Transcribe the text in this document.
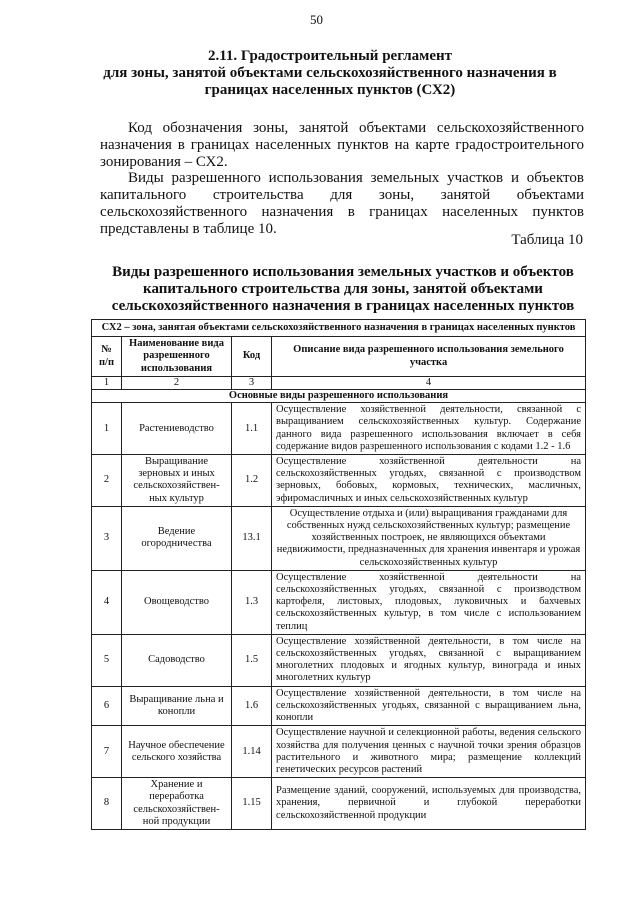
50
2.11. Градостроительный регламент
для зоны, занятой объектами сельскохозяйственного назначения в
границах населенных пунктов (СХ2)
Код обозначения зоны, занятой объектами сельскохозяйственного назначения в границах населенных пунктов на карте градостроительного зонирования – СХ2.
Виды разрешенного использования земельных участков и объектов капитального строительства для зоны, занятой объектами сельскохозяйственного назначения в границах населенных пунктов представлены в таблице 10.
Таблица 10
Виды разрешенного использования земельных участков и объектов
капитального строительства для зоны, занятой объектами
сельскохозяйственного назначения в границах населенных пунктов
СХ2 – зона, занятая объектами сельскохозяйственного назначения в границах населенных пунктов			
№ п/п	Наименование вида разрешенного использования	Код	Описание вида разрешенного использования земельного участка
1	2	3	4
Основные виды разрешенного использования			
1	Растениеводство	1.1	Осуществление хозяйственной деятельности, связанной с выращиванием сельскохозяйственных культур. Содержание данного вида разрешенного использования включает в себя содержание видов разрешенного использования с кодами 1.2 - 1.6
2	Выращивание зерновых и иных сельскохозяйствен-ных культур	1.2	Осуществление хозяйственной деятельности на сельскохозяйственных угодьях, связанной с производством зерновых, бобовых, кормовых, технических, масличных, эфиромасличных и иных сельскохозяйственных культур
3	Ведение огородничества	13.1	Осуществление отдыха и (или) выращивания гражданами для собственных нужд сельскохозяйственных культур; размещение хозяйственных построек, не являющихся объектами недвижимости, предназначенных для хранения инвентаря и урожая сельскохозяйственных культур
4	Овощеводство	1.3	Осуществление хозяйственной деятельности на сельскохозяйственных угодьях, связанной с производством картофеля, листовых, плодовых, луковичных и бахчевых сельскохозяйственных культур, в том числе с использованием теплиц
5	Садоводство	1.5	Осуществление хозяйственной деятельности, в том числе на сельскохозяйственных угодьях, связанной с выращиванием многолетних плодовых и ягодных культур, винограда и иных многолетних культур
6	Выращивание льна и конопли	1.6	Осуществление хозяйственной деятельности, в том числе на сельскохозяйственных угодьях, связанной с выращиванием льна, конопли
7	Научное обеспечение сельского хозяйства	1.14	Осуществление научной и селекционной работы, ведения сельского хозяйства для получения ценных с научной точки зрения образцов растительного и животного мира; размещение коллекций генетических ресурсов растений
8	Хранение и переработка сельскохозяйствен-ной продукции	1.15	Размещение зданий, сооружений, используемых для производства, хранения, первичной и глубокой переработки сельскохозяйственной продукции
